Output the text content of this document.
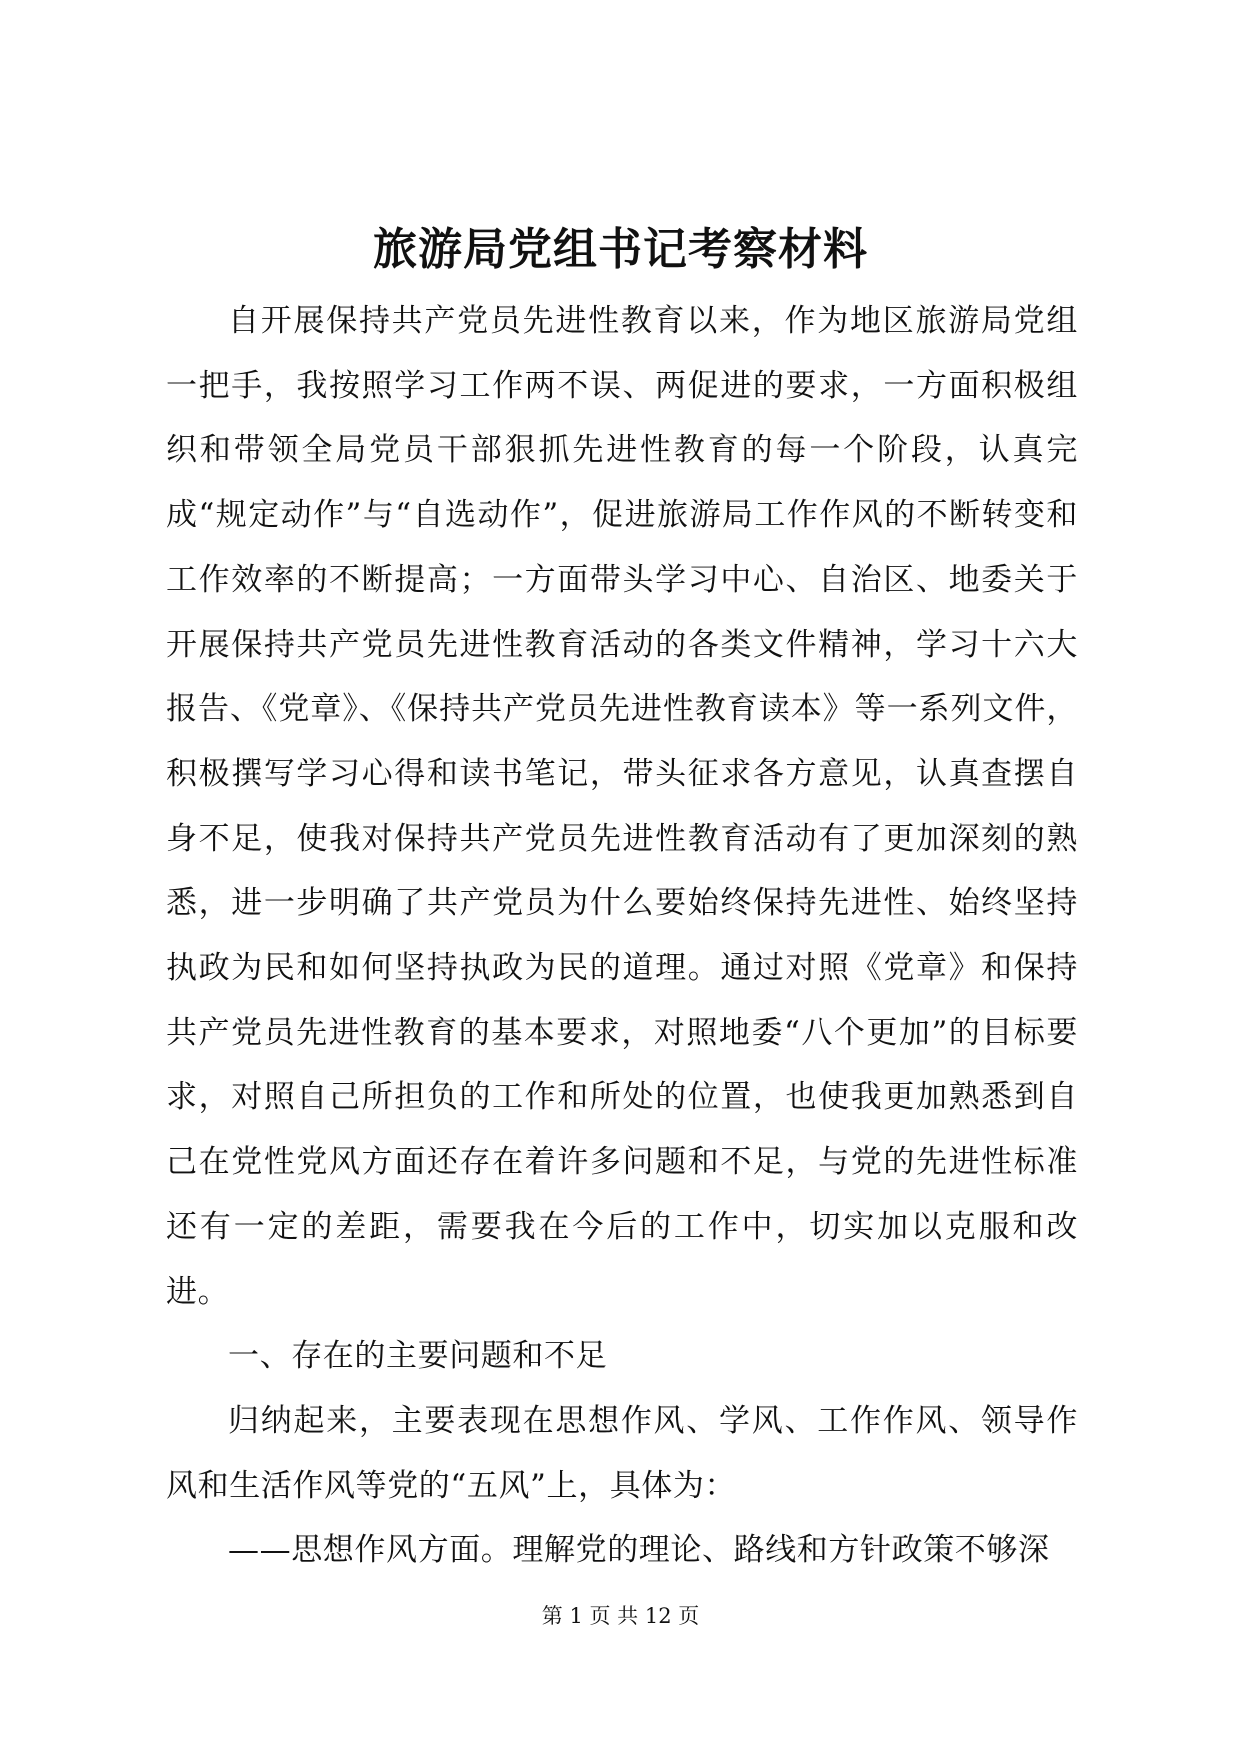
旅游局党组书记考察材料

自开展保持共产党员先进性教育以来，作为地区旅游局党组一把手，我按照学习工作两不误、两促进的要求，一方面积极组织和带领全局党员干部狠抓先进性教育的每一个阶段，认真完成“规定动作”与“自选动作”，促进旅游局工作作风的不断转变和工作效率的不断提高；一方面带头学习中心、自治区、地委关于开展保持共产党员先进性教育活动的各类文件精神，学习十六大报告、《党章》、《保持共产党员先进性教育读本》等一系列文件，积极撰写学习心得和读书笔记，带头征求各方意见，认真查摆自身不足，使我对保持共产党员先进性教育活动有了更加深刻的熟悉，进一步明确了共产党员为什么要始终保持先进性、始终坚持执政为民和如何坚持执政为民的道理。通过对照《党章》和保持共产党员先进性教育的基本要求，对照地委“八个更加”的目标要求，对照自己所担负的工作和所处的位置，也使我更加熟悉到自己在党性党风方面还存在着许多问题和不足，与党的先进性标准还有一定的差距，需要我在今后的工作中，切实加以克服和改进。

一、存在的主要问题和不足

归纳起来，主要表现在思想作风、学风、工作作风、领导作风和生活作风等党的“五风”上，具体为：

——思想作风方面。理解党的理论、路线和方针政策不够深

第 1 页 共 12 页
